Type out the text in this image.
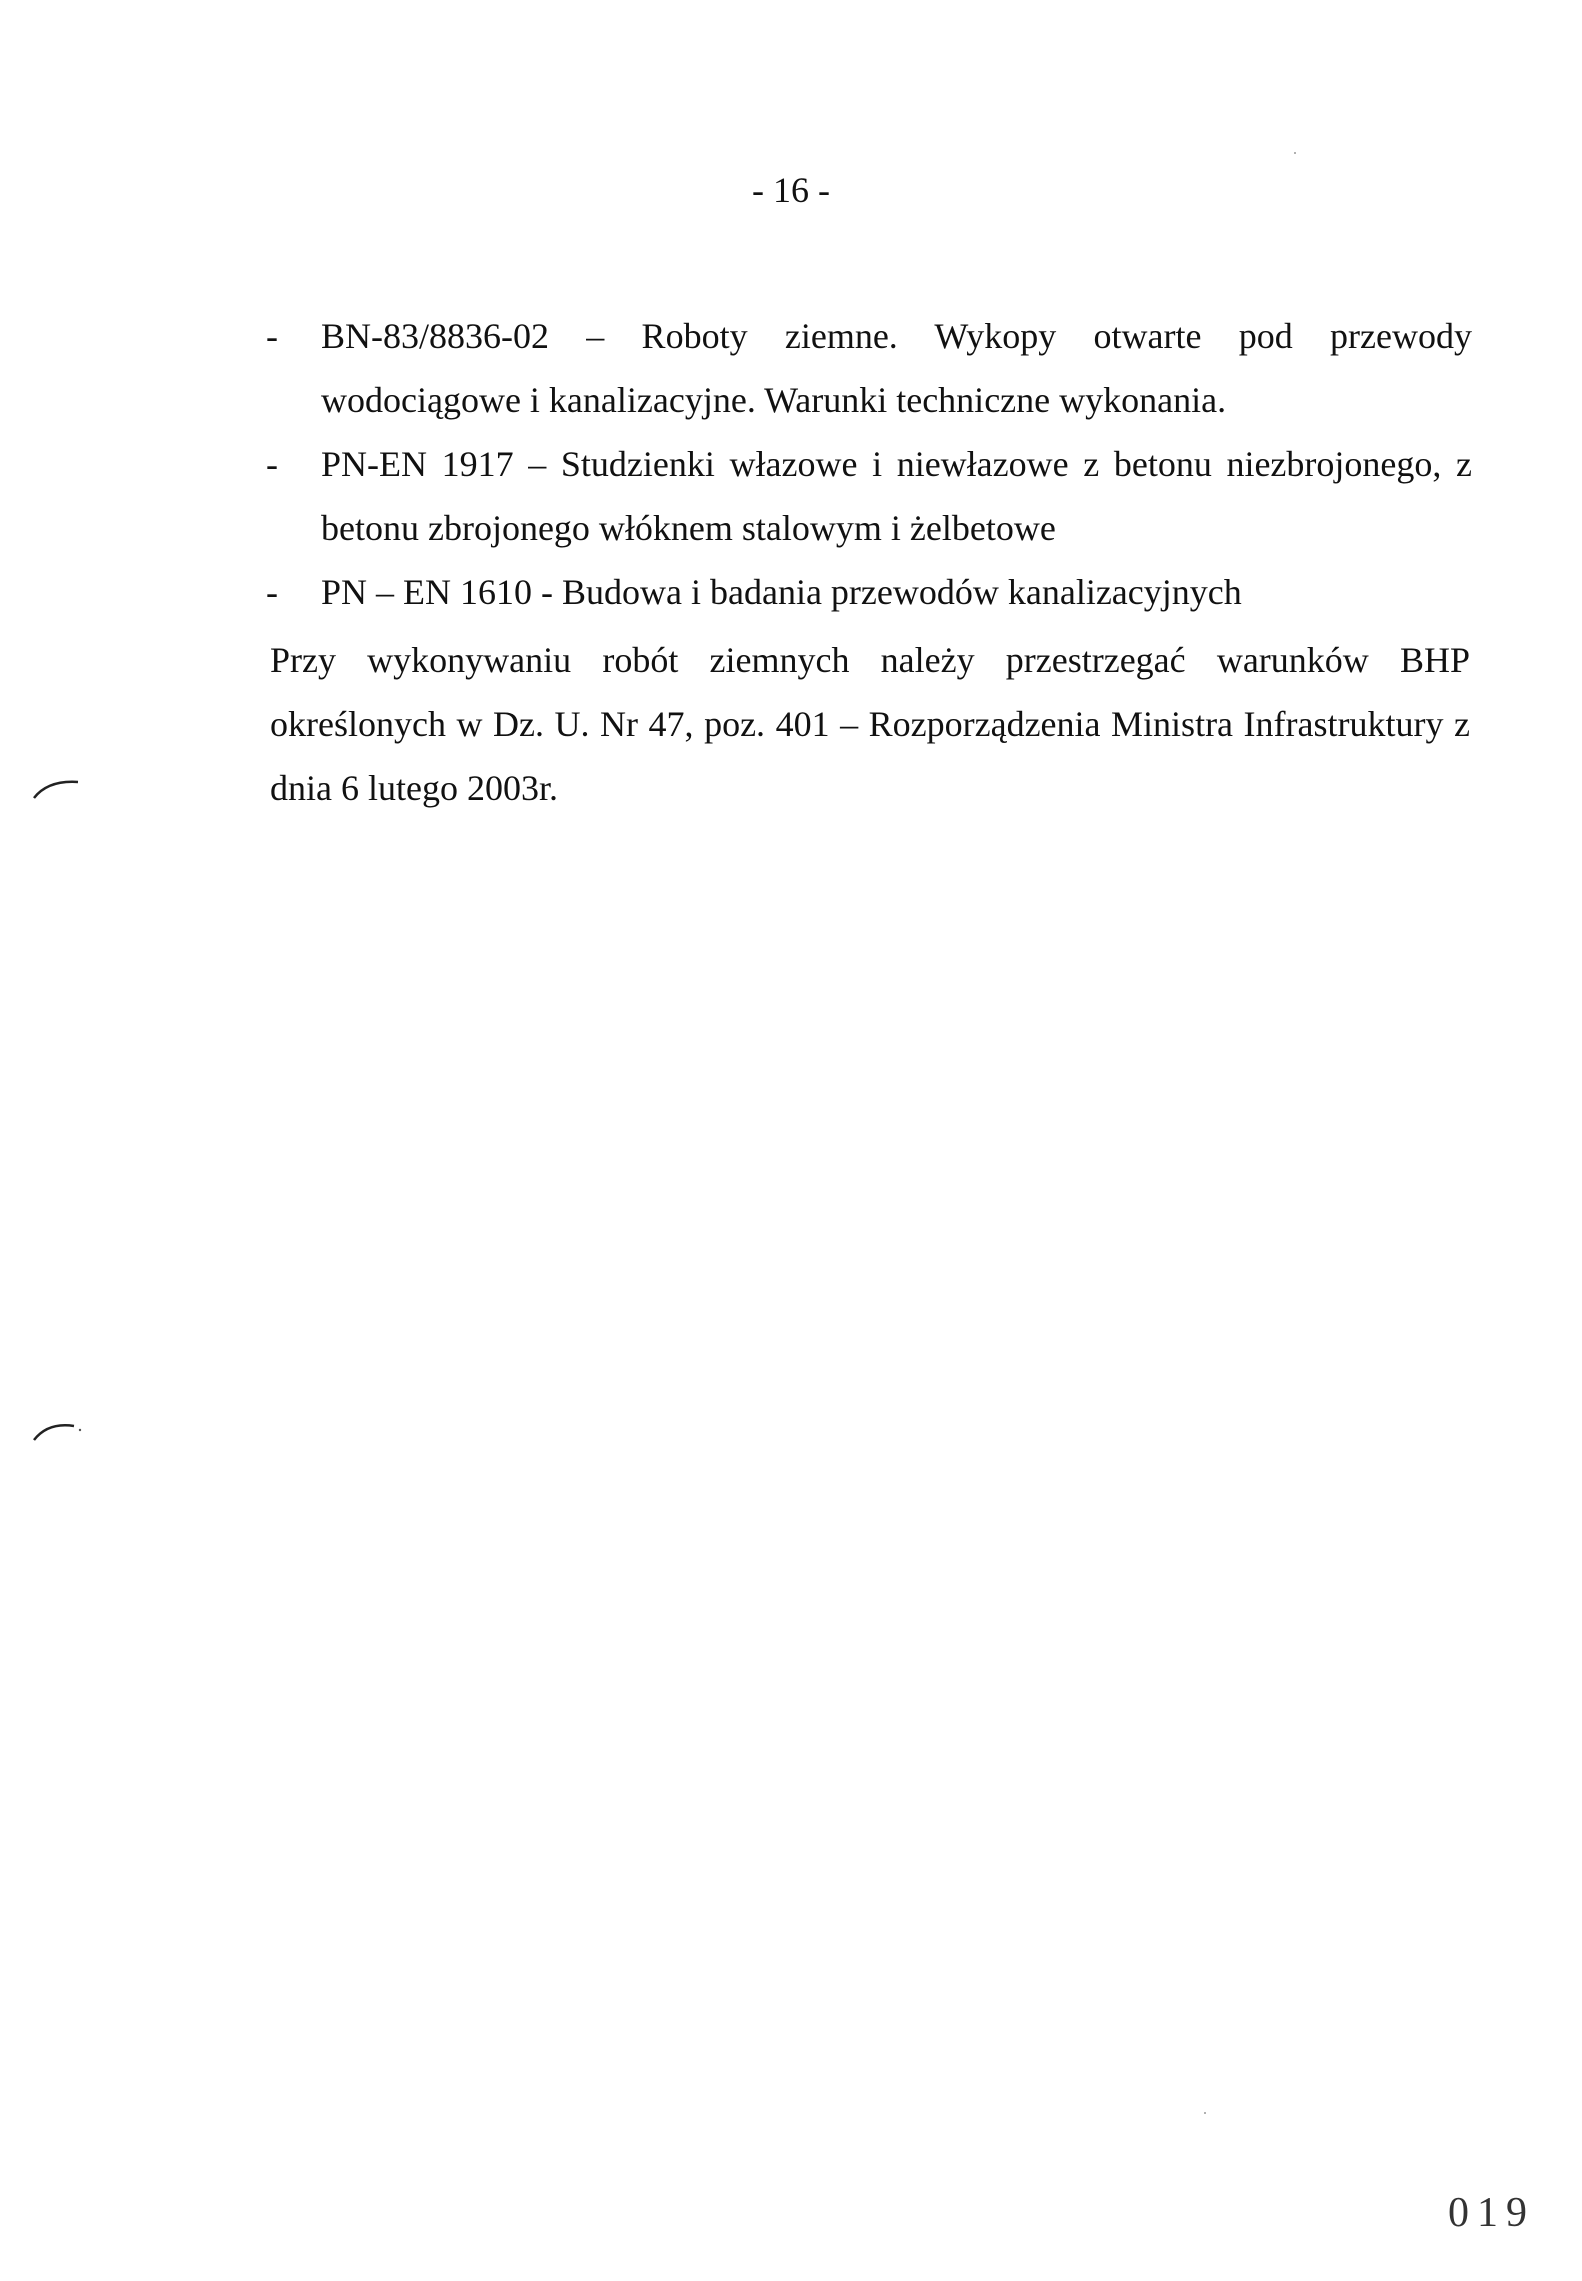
- 16 -

- BN-83/8836-02 – Roboty ziemne. Wykopy otwarte pod przewody wodociągowe i kanalizacyjne. Warunki techniczne wykonania.

- PN-EN 1917 – Studzienki włazowe i niewłazowe z betonu niezbrojonego, z betonu zbrojonego włóknem stalowym i żelbetowe

- PN – EN 1610 - Budowa i badania przewodów kanalizacyjnych

Przy wykonywaniu robót ziemnych należy przestrzegać warunków BHP określonych w Dz. U. Nr 47, poz. 401 – Rozporządzenia Ministra Infrastruktury z dnia 6 lutego 2003r.

019
